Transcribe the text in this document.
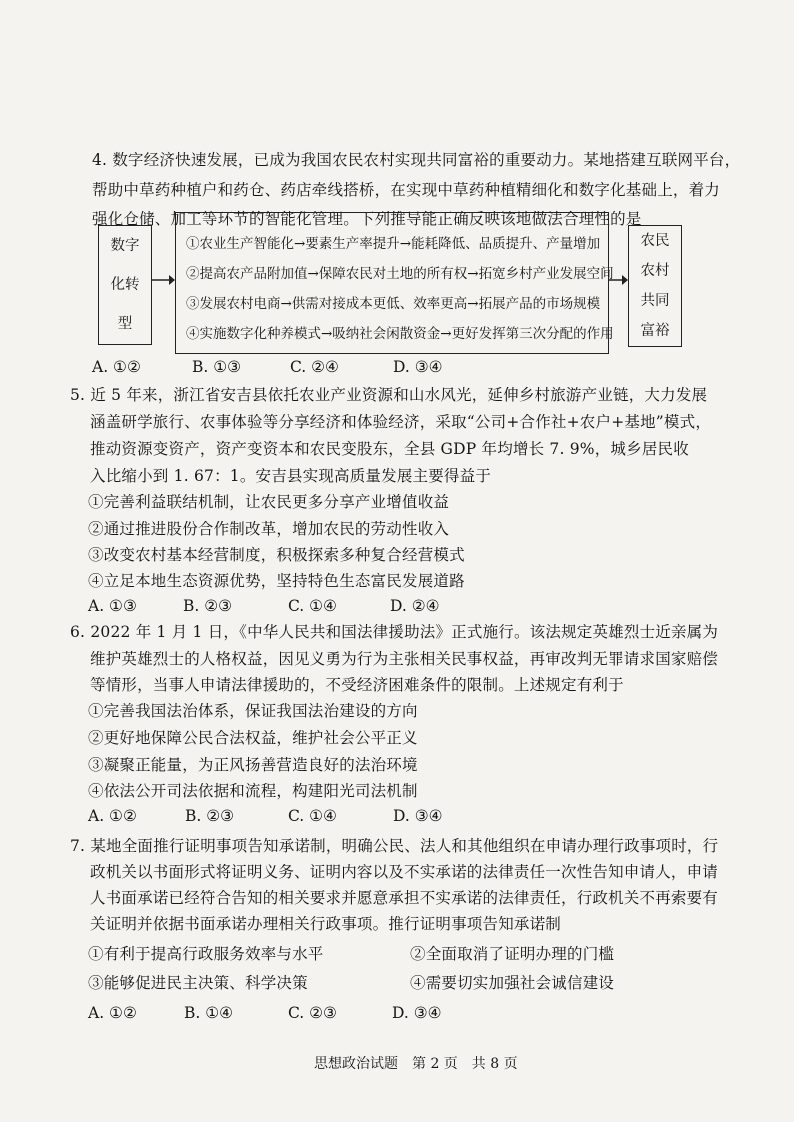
4. 数字经济快速发展，已成为我国农民农村实现共同富裕的重要动力。某地搭建互联网平台，
帮助中草药种植户和药仓、药店牵线搭桥，在实现中草药种植精细化和数字化基础上，着力
强化仓储、加工等环节的智能化管理。下列推导能正确反映该地做法合理性的是
数字
化转
型
①农业生产智能化→要素生产率提升→能耗降低、品质提升、产量增加
②提高农产品附加值→保障农民对土地的所有权→拓宽乡村产业发展空间
③发展农村电商→供需对接成本更低、效率更高→拓展产品的市场规模
④实施数字化种养模式→吸纳社会闲散资金→更好发挥第三次分配的作用
农民
农村
共同
富裕
A. ①②	B. ①③	C. ②④	D. ③④
5. 近 5 年来，浙江省安吉县依托农业产业资源和山水风光，延伸乡村旅游产业链，大力发展
涵盖研学旅行、农事体验等分享经济和体验经济，采取“公司+合作社+农户+基地”模式，
推动资源变资产，资产变资本和农民变股东，全县 GDP 年均增长 7. 9%，城乡居民收
入比缩小到 1. 67：1。安吉县实现高质量发展主要得益于
①完善利益联结机制，让农民更多分享产业增值收益
②通过推进股份合作制改革，增加农民的劳动性收入
③改变农村基本经营制度，积极探索多种复合经营模式
④立足本地生态资源优势，坚持特色生态富民发展道路
A. ①③	B. ②③	C. ①④	D. ②④
6. 2022 年 1 月 1 日，《中华人民共和国法律援助法》正式施行。该法规定英雄烈士近亲属为
维护英雄烈士的人格权益，因见义勇为行为主张相关民事权益，再审改判无罪请求国家赔偿
等情形，当事人申请法律援助的，不受经济困难条件的限制。上述规定有利于
①完善我国法治体系，保证我国法治建设的方向
②更好地保障公民合法权益，维护社会公平正义
③凝聚正能量，为正风扬善营造良好的法治环境
④依法公开司法依据和流程，构建阳光司法机制
A. ①②	B. ②③	C. ①④	D. ③④
7. 某地全面推行证明事项告知承诺制，明确公民、法人和其他组织在申请办理行政事项时，行
政机关以书面形式将证明义务、证明内容以及不实承诺的法律责任一次性告知申请人，申请
人书面承诺已经符合告知的相关要求并愿意承担不实承诺的法律责任，行政机关不再索要有
关证明并依据书面承诺办理相关行政事项。推行证明事项告知承诺制
①有利于提高行政服务效率与水平	②全面取消了证明办理的门槛
③能够促进民主决策、科学决策	④需要切实加强社会诚信建设
A. ①②	B. ①④	C. ②③	D. ③④
思想政治试题　第 2 页　共 8 页
